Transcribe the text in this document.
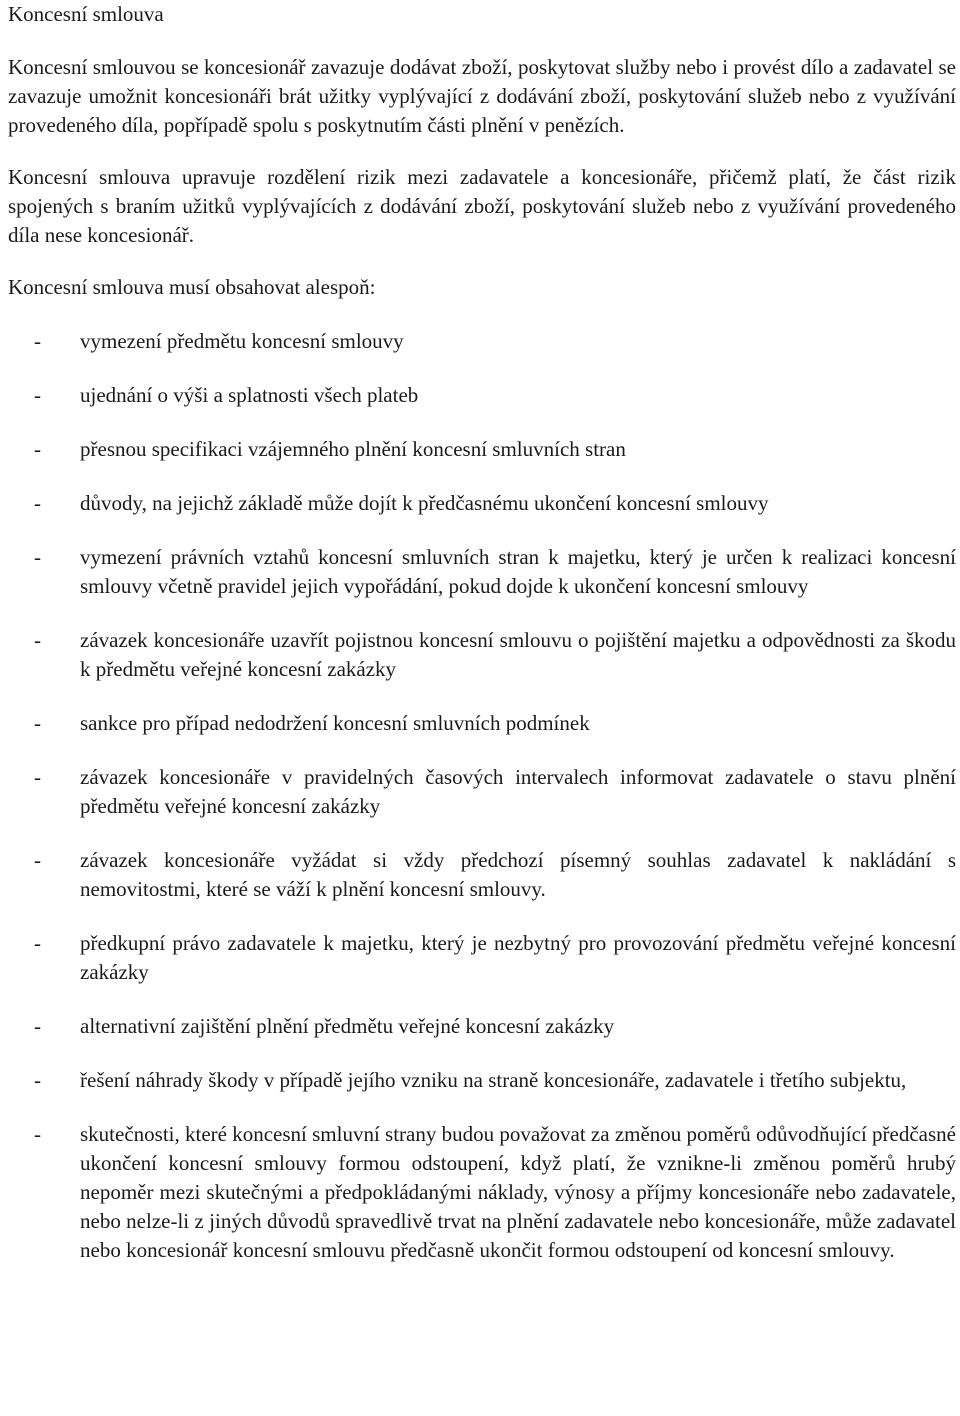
Koncesní smlouva

Koncesní smlouvou se koncesionář zavazuje dodávat zboží, poskytovat služby nebo i provést dílo a zadavatel se zavazuje umožnit koncesionáři brát užitky vyplývající z dodávání zboží, poskytování služeb nebo z využívání provedeného díla, popřípadě spolu s poskytnutím části plnění v penězích.

Koncesní smlouva upravuje rozdělení rizik mezi zadavatele a koncesionáře, přičemž platí, že část rizik spojených s braním užitků vyplývajících z dodávání zboží, poskytování služeb nebo z využívání provedeného díla nese koncesionář.

Koncesní smlouva musí obsahovat alespoň:

- vymezení předmětu koncesní smlouvy
- ujednání o výši a splatnosti všech plateb
- přesnou specifikaci vzájemného plnění koncesní smluvních stran
- důvody, na jejichž základě může dojít k předčasnému ukončení koncesní smlouvy
- vymezení právních vztahů koncesní smluvních stran k majetku, který je určen k realizaci koncesní smlouvy včetně pravidel jejich vypořádání, pokud dojde k ukončení koncesní smlouvy
- závazek koncesionáře uzavřít pojistnou koncesní smlouvu o pojištění majetku a odpovědnosti za škodu k předmětu veřejné koncesní zakázky
- sankce pro případ nedodržení koncesní smluvních podmínek
- závazek koncesionáře v pravidelných časových intervalech informovat zadavatele o stavu plnění předmětu veřejné koncesní zakázky
- závazek koncesionáře vyžádat si vždy předchozí písemný souhlas zadavatel k nakládání s nemovitostmi, které se váží k plnění koncesní smlouvy.
- předkupní právo zadavatele k majetku, který je nezbytný pro provozování předmětu veřejné koncesní zakázky
- alternativní zajištění plnění předmětu veřejné koncesní zakázky
- řešení náhrady škody v případě jejího vzniku na straně koncesionáře, zadavatele i třetího subjektu,
- skutečnosti, které koncesní smluvní strany budou považovat za změnou poměrů odůvodňující předčasné ukončení koncesní smlouvy formou odstoupení, když platí, že vznikne-li změnou poměrů hrubý nepoměr mezi skutečnými a předpokládanými náklady, výnosy a příjmy koncesionáře nebo zadavatele, nebo nelze-li z jiných důvodů spravedlivě trvat na plnění zadavatele nebo koncesionáře, může zadavatel nebo koncesionář koncesní smlouvu předčasně ukončit formou odstoupení od koncesní smlouvy.
